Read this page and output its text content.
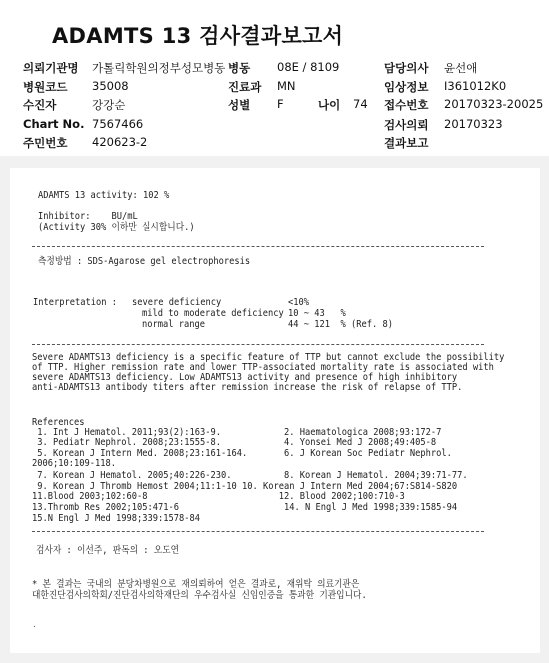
ADAMTS 13 검사결과보고서
의뢰기관명 가톨릭학원의정부성모병동 병동 08E / 8109	담당의사 윤선애
병원코드 35008	진료과 MN	임상정보 I361012K0
수진자	강강순	성별 F	나이 74 접수번호 20170323-20025
Chart No. 7567466	검사의뢰 20170323
주민번호 420623-2	결과보고
ADAMTS 13 activity: 102 %
Inhibitor:    BU/mL
(Activity 30% 이하만 실시합니다.)
측정방법 : SDS-Agarose gel electrophoresis
Interpretation : severe deficiency	<10%
mild to moderate deficiency 10 ~ 43   %
normal range	44 ~ 121  % (Ref. 8)
Severe ADAMTS13 deficiency is a specific feature of TTP but cannot exclude the possibility
of TTP. Higher remission rate and lower TTP-associated mortality rate is associated with
severe ADAMTS13 deficiency. Low ADAMTS13 activity and presence of high inhibitory
anti-ADAMTS13 antibody titers after remission increase the risk of relapse of TTP.
References
1. Int J Hematol. 2011;93(2):163-9.            2. Haematologica 2008;93:172-7
3. Pediatr Nephrol. 2008;23:1555-8.            4. Yonsei Med J 2008;49:405-8
5. Korean J Intern Med. 2008;23:161-164.       6. J Korean Soc Pediatr Nephrol.
2006;10:109-118.
7. Korean J Hematol. 2005;40:226-230.          8. Korean J Hematol. 2004;39:71-77.
9. Korean J Thromb Hemost 2004;11:1-10 10. Korean J Intern Med 2004;67:S814-S820
11.Blood 2003;102:60-8                         12. Blood 2002;100:710-3
13.Thromb Res 2002;105:471-6                    14. N Engl J Med 1998;339:1585-94
15.N Engl J Med 1998;339:1578-84
검사자 : 이선주, 판독의 : 오도연
* 본 결과는 국내의 분당차병원으로 재의뢰하여 얻은 결과로, 재위탁 의료기관은
대한진단검사의학회/진단검사의학재단의 우수검사실 신임인증을 통과한 기관입니다.
.
